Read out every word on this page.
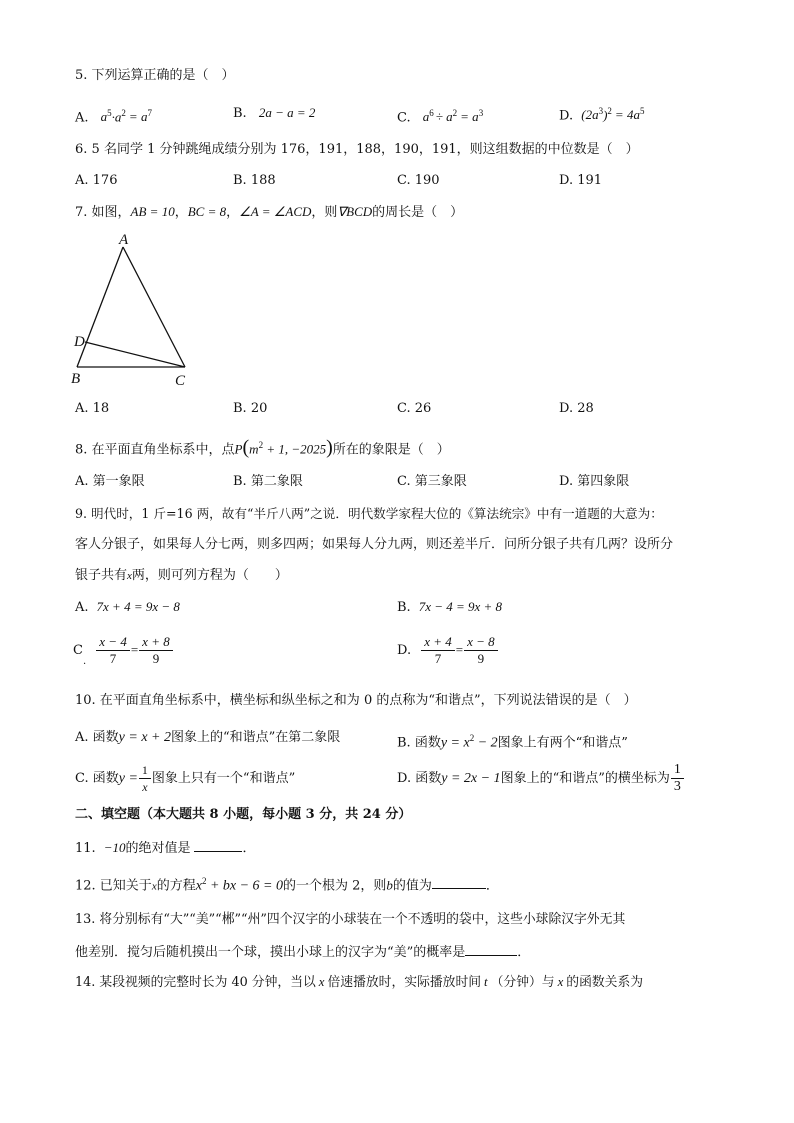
5. 下列运算正确的是（　）
A. $a^5\cdot a^2 = a^7$	B. 2a − a = 2	C. $a^6 \div a^2 = a^3$	D. $(2a^3)^2 = 4a^5$
6. 5 名同学 1 分钟跳绳成绩分别为 176，191，188，190，191，则这组数据的中位数是（　）
A. 176	B. 188	C. 190	D. 191
7. 如图，AB = 10，BC = 8，∠A = ∠ACD，则∇BCD的周长是（　）
A
D
B	C
A. 18	B. 20	C. 26	D. 28
8. 在平面直角坐标系中，点$P(m^2 + 1$, −2025)所在的象限是（　）
A. 第一象限	B. 第二象限	C. 第三象限	D. 第四象限
9. 明代时，1 斤=16 两，故有“半斤八两”之说．明代数学家程大位的《算法统宗》中有一道题的大意为：
客人分银子，如果每人分七两，则多四两；如果每人分九两，则还差半斤．问所分银子共有几两？设所分
银子共有x两，则可列方程为（　　）
A. 7x + 4 = 9x − 8	B. 7x − 4 = 9x + 8
$C_. \frac{x - 4}{7} = \frac{x + 8}{9}$	D. $\frac{x + 4}{7} = \frac{x - 8}{9}$
10. 在平面直角坐标系中，横坐标和纵坐标之和为 0 的点称为“和谐点”，下列说法错误的是（　）
A. 函数y = x + 2图象上的“和谐点”在第二象限	B. 函数$y = x^2 - 2$图象上有两个“和谐点”
C. 函数$y = \frac{1}{x}$ 图象上只有一个“和谐点”	D. 函数y = 2x − 1图象上的“和谐点”的横坐标为 $\frac{1}{3}$
二、填空题（本大题共 8 小题，每小题 3 分，共 24 分）
11. −10的绝对值是	．
12. 已知关于x的方程$x^2$ + bx − 6 = 0的一个根为 2，则b的值为	．
13. 将分别标有“大”“美”“郴”“州”四个汉字的小球装在一个不透明的袋中，这些小球除汉字外无其
他差别．搅匀后随机摸出一个球，摸出小球上的汉字为“美”的概率是	．
14. 某段视频的完整时长为 40 分钟，当以 x 倍速播放时，实际播放时间 t （分钟）与 x 的函数关系为
